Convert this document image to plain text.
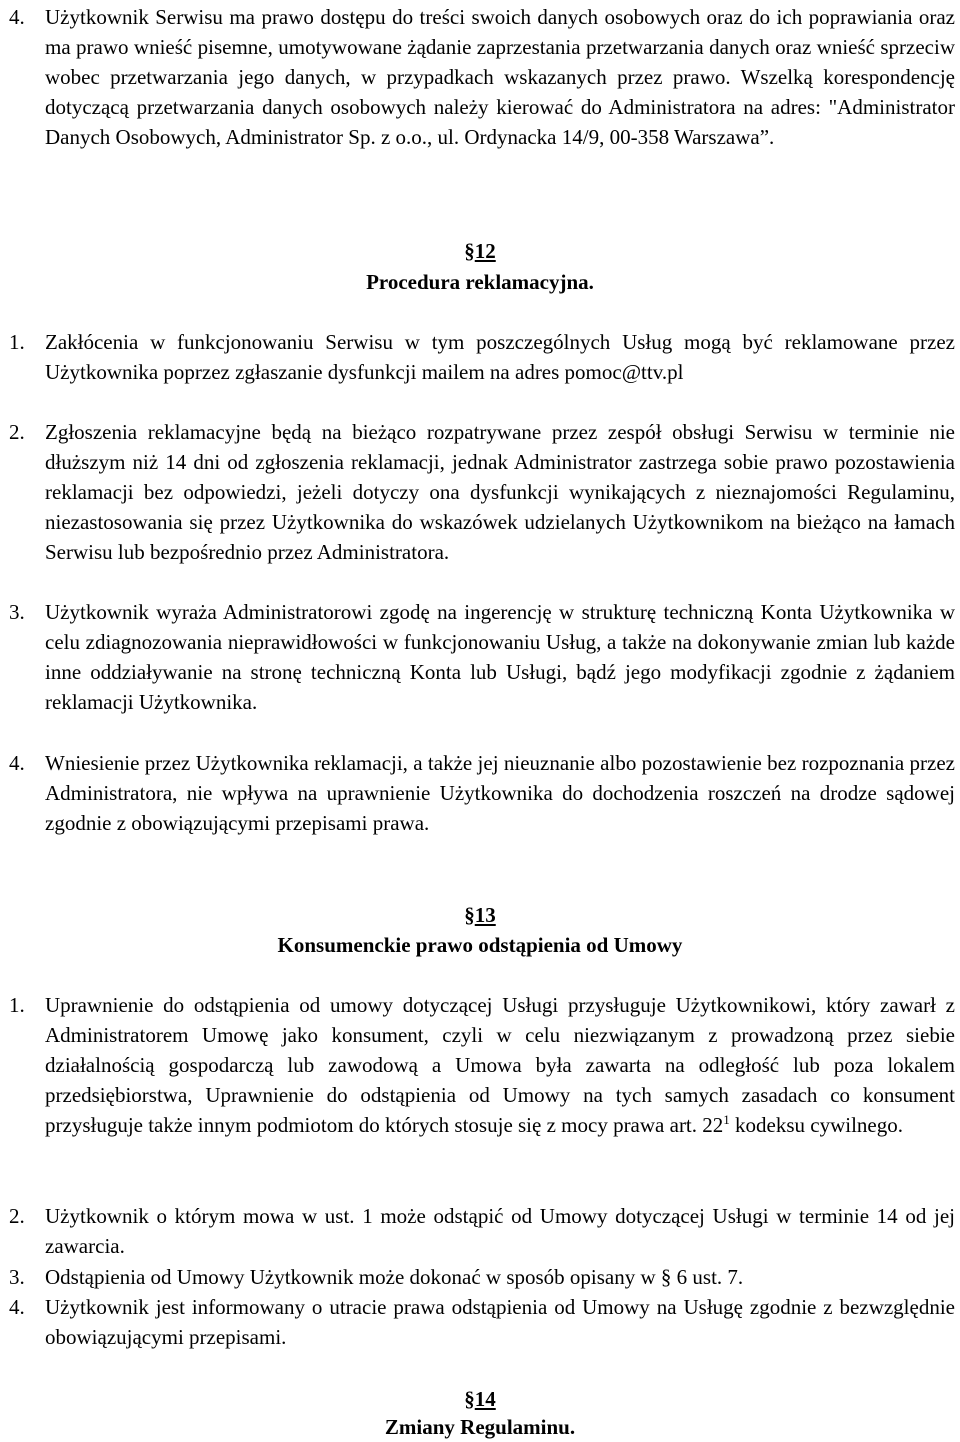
4. Użytkownik Serwisu ma prawo dostępu do treści swoich danych osobowych oraz do ich poprawiania oraz ma prawo wnieść pisemne, umotywowane żądanie zaprzestania przetwarzania danych oraz wnieść sprzeciw wobec przetwarzania jego danych, w przypadkach wskazanych przez prawo. Wszelką korespondencję dotyczącą przetwarzania danych osobowych należy kierować do Administratora na adres: "Administrator Danych Osobowych, Administrator Sp. z o.o., ul. Ordynacka 14/9, 00-358 Warszawa”.
§12
Procedura reklamacyjna.
1. Zakłócenia w funkcjonowaniu Serwisu w tym poszczególnych Usług mogą być reklamowane przez Użytkownika poprzez zgłaszanie dysfunkcji mailem na adres pomoc@ttv.pl
2. Zgłoszenia reklamacyjne będą na bieżąco rozpatrywane przez zespół obsługi Serwisu w terminie nie dłuższym niż 14 dni od zgłoszenia reklamacji, jednak Administrator zastrzega sobie prawo pozostawienia reklamacji bez odpowiedzi, jeżeli dotyczy ona dysfunkcji wynikających z nieznajomości Regulaminu, niezastosowania się przez Użytkownika do wskazówek udzielanych Użytkownikom na bieżąco na łamach Serwisu lub bezpośrednio przez Administratora.
3. Użytkownik wyraża Administratorowi zgodę na ingerencję w strukturę techniczną Konta Użytkownika w celu zdiagnozowania nieprawidłowości w funkcjonowaniu Usług, a także na dokonywanie zmian lub każde inne oddziaływanie na stronę techniczną Konta lub Usługi, bądź jego modyfikacji zgodnie z żądaniem reklamacji Użytkownika.
4. Wniesienie przez Użytkownika reklamacji, a także jej nieuznanie albo pozostawienie bez rozpoznania przez Administratora, nie wpływa na uprawnienie Użytkownika do dochodzenia roszczeń na drodze sądowej zgodnie z obowiązującymi przepisami prawa.
§13
Konsumenckie prawo odstąpienia od Umowy
1. Uprawnienie do odstąpienia od umowy dotyczącej Usługi przysługuje Użytkownikowi, który zawarł z Administratorem Umowę jako konsument, czyli w celu niezwiązanym z prowadzoną przez siebie działalnością gospodarczą lub zawodową a Umowa była zawarta na odległość lub poza lokalem przedsiębiorstwa, Uprawnienie do odstąpienia od Umowy na tych samych zasadach co konsument przysługuje także innym podmiotom do których stosuje się z mocy prawa art. $22^1$ kodeksu cywilnego.
2. Użytkownik o którym mowa w ust. 1 może odstąpić od Umowy dotyczącej Usługi w terminie 14 od jej zawarcia.
3. Odstąpienia od Umowy Użytkownik może dokonać w sposób opisany w § 6 ust. 7.
4. Użytkownik jest informowany o utracie prawa odstąpienia od Umowy na Usługę zgodnie z bezwzględnie obowiązującymi przepisami.
§14
Zmiany Regulaminu.
